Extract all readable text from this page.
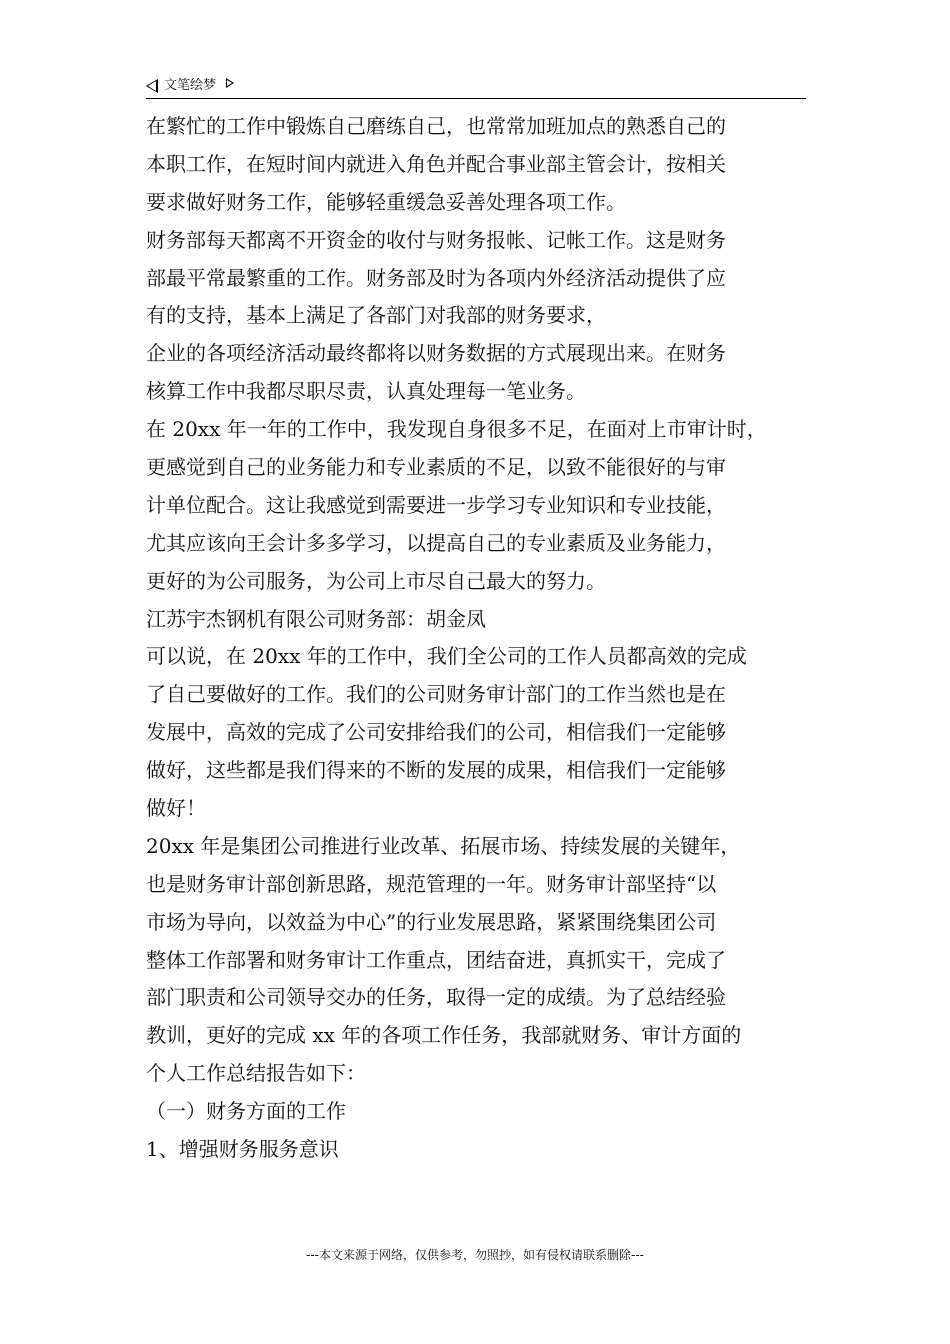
文笔绘梦
在繁忙的工作中锻炼自己磨练自己，也常常加班加点的熟悉自己的
本职工作，在短时间内就进入角色并配合事业部主管会计，按相关
要求做好财务工作，能够轻重缓急妥善处理各项工作。
财务部每天都离不开资金的收付与财务报帐、记帐工作。这是财务
部最平常最繁重的工作。财务部及时为各项内外经济活动提供了应
有的支持，基本上满足了各部门对我部的财务要求，
企业的各项经济活动最终都将以财务数据的方式展现出来。在财务
核算工作中我都尽职尽责，认真处理每一笔业务。
在 20xx 年一年的工作中，我发现自身很多不足，在面对上市审计时，
更感觉到自己的业务能力和专业素质的不足，以致不能很好的与审
计单位配合。这让我感觉到需要进一步学习专业知识和专业技能，
尤其应该向王会计多多学习，以提高自己的专业素质及业务能力，
更好的为公司服务，为公司上市尽自己最大的努力。
江苏宇杰钢机有限公司财务部：胡金凤
可以说，在 20xx 年的工作中，我们全公司的工作人员都高效的完成
了自己要做好的工作。我们的公司财务审计部门的工作当然也是在
发展中，高效的完成了公司安排给我们的公司，相信我们一定能够
做好，这些都是我们得来的不断的发展的成果，相信我们一定能够
做好！
20xx 年是集团公司推进行业改革、拓展市场、持续发展的关键年，
也是财务审计部创新思路，规范管理的一年。财务审计部坚持“以
市场为导向，以效益为中心”的行业发展思路，紧紧围绕集团公司
整体工作部署和财务审计工作重点，团结奋进，真抓实干，完成了
部门职责和公司领导交办的任务，取得一定的成绩。为了总结经验
教训，更好的完成 xx 年的各项工作任务，我部就财务、审计方面的
个人工作总结报告如下：
（一）财务方面的工作
1、增强财务服务意识
---本文来源于网络，仅供参考，勿照抄，如有侵权请联系删除---
